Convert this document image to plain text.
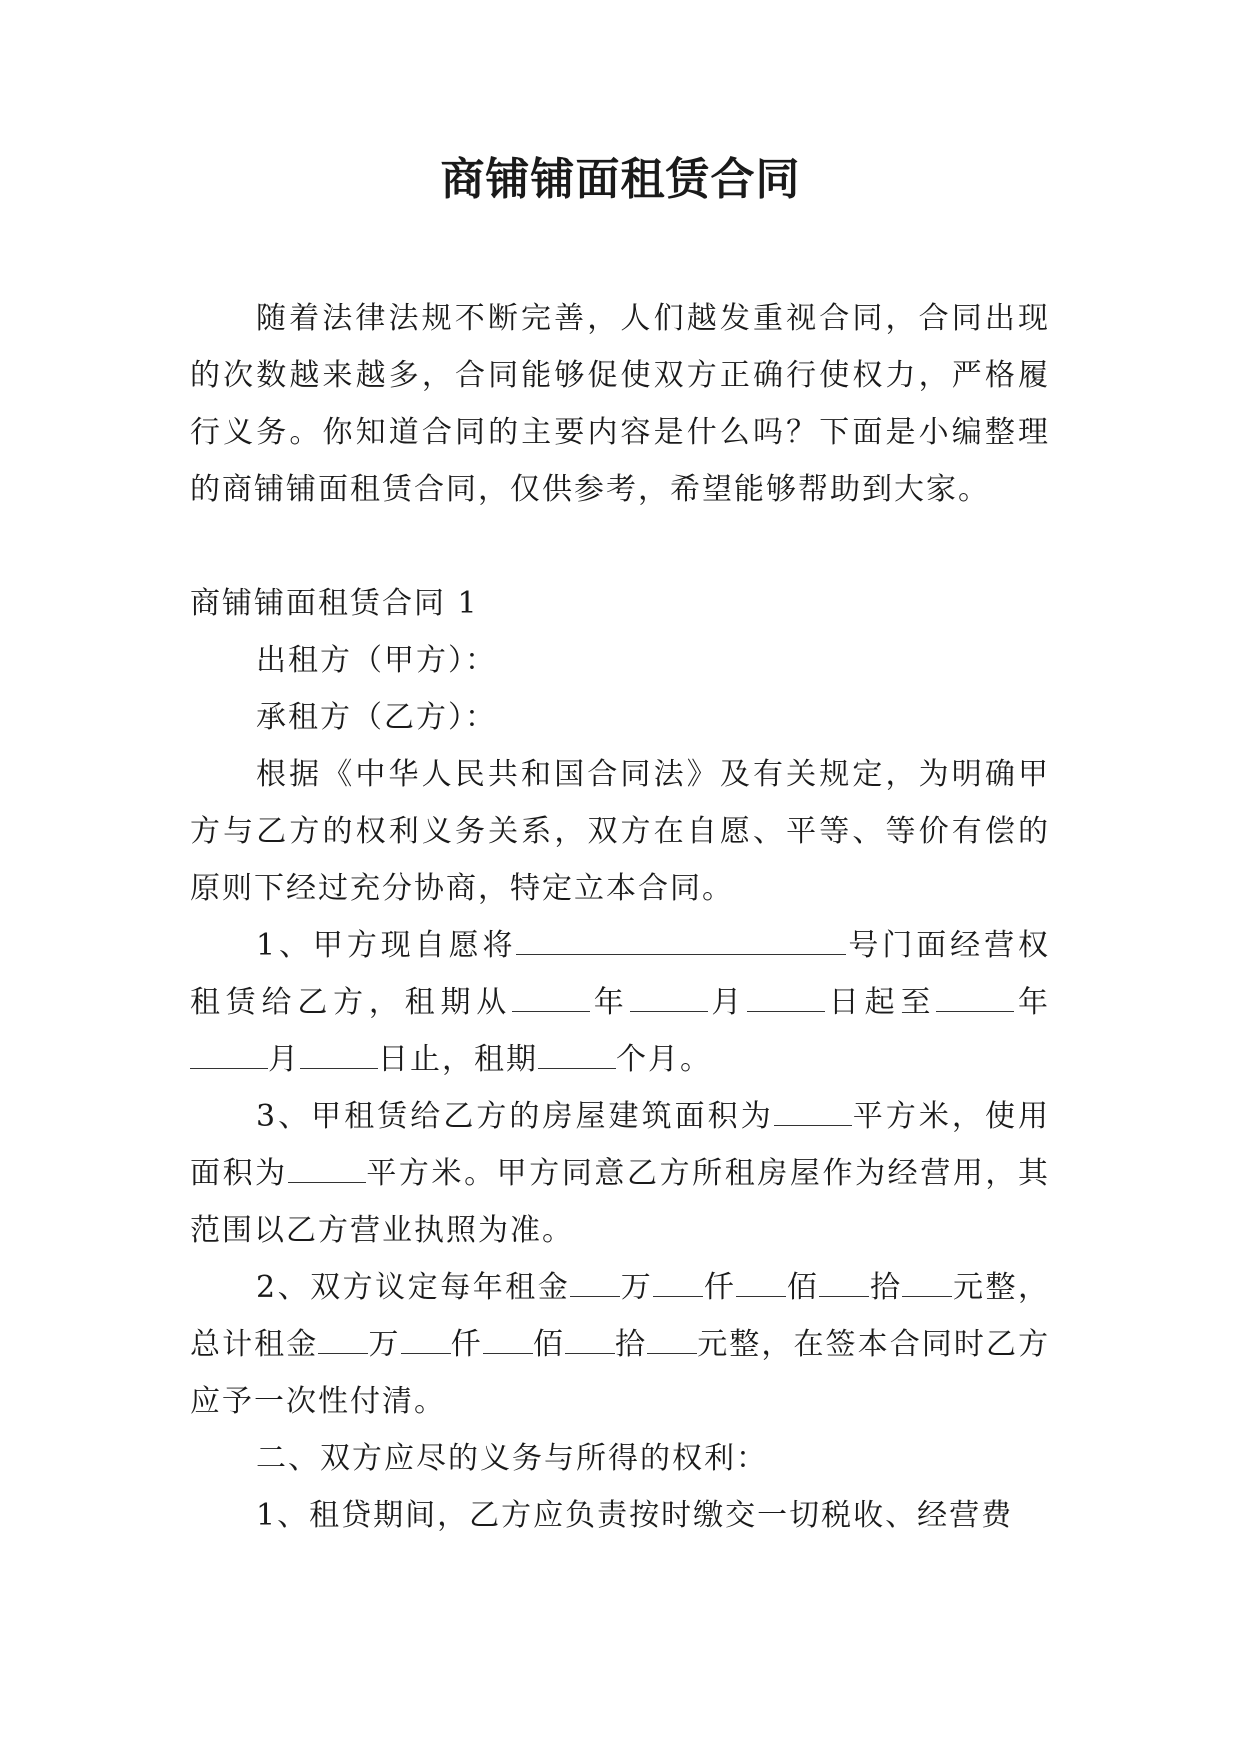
商铺铺面租赁合同

随着法律法规不断完善，人们越发重视合同，合同出现的次数越来越多，合同能够促使双方正确行使权力，严格履行义务。你知道合同的主要内容是什么吗？下面是小编整理的商铺铺面租赁合同，仅供参考，希望能够帮助到大家。

商铺铺面租赁合同 1

出租方（甲方）：

承租方（乙方）：

根据《中华人民共和国合同法》及有关规定，为明确甲方与乙方的权利义务关系，双方在自愿、平等、等价有偿的原则下经过充分协商，特定立本合同。

1、甲方现自愿将	号门面经营权租赁给乙方，租期从	年	月	日起至	年月	日止，租期	个月。

3、甲租赁给乙方的房屋建筑面积为	平方米，使用面积为	平方米。甲方同意乙方所租房屋作为经营用，其范围以乙方营业执照为准。

2、双方议定每年租金 万 仟 佰 拾 元整，总计租金 万 仟 佰 拾 元整，在签本合同时乙方应予一次性付清。

二、双方应尽的义务与所得的权利：

1、租贷期间，乙方应负责按时缴交一切税收、经营费
